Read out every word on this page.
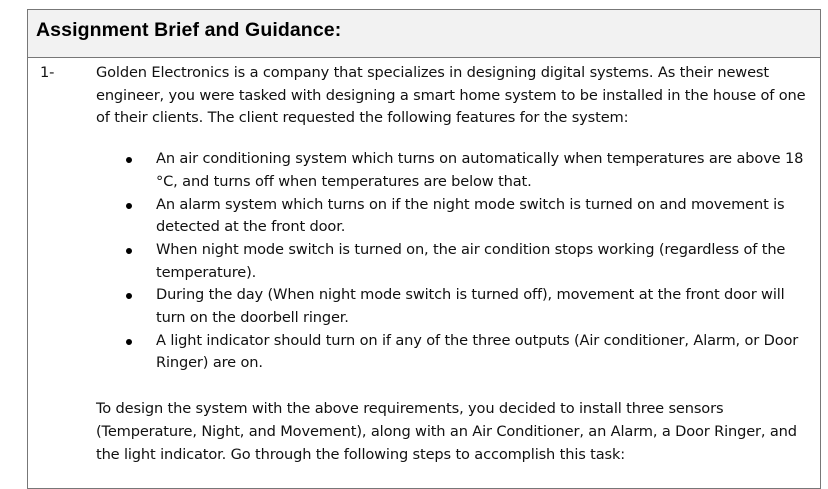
Assignment Brief and Guidance:
1-	Golden Electronics is a company that specializes in designing digital systems. As their newest engineer, you were tasked with designing a smart home system to be installed in the house of one of their clients. The client requested the following features for the system:
An air conditioning system which turns on automatically when temperatures are above 18 °C, and turns off when temperatures are below that.
An alarm system which turns on if the night mode switch is turned on and movement is detected at the front door.
When night mode switch is turned on, the air condition stops working (regardless of the temperature).
During the day (When night mode switch is turned off), movement at the front door will turn on the doorbell ringer.
A light indicator should turn on if any of the three outputs (Air conditioner, Alarm, or Door Ringer) are on.
To design the system with the above requirements, you decided to install three sensors (Temperature, Night, and Movement), along with an Air Conditioner, an Alarm, a Door Ringer, and the light indicator. Go through the following steps to accomplish this task:
